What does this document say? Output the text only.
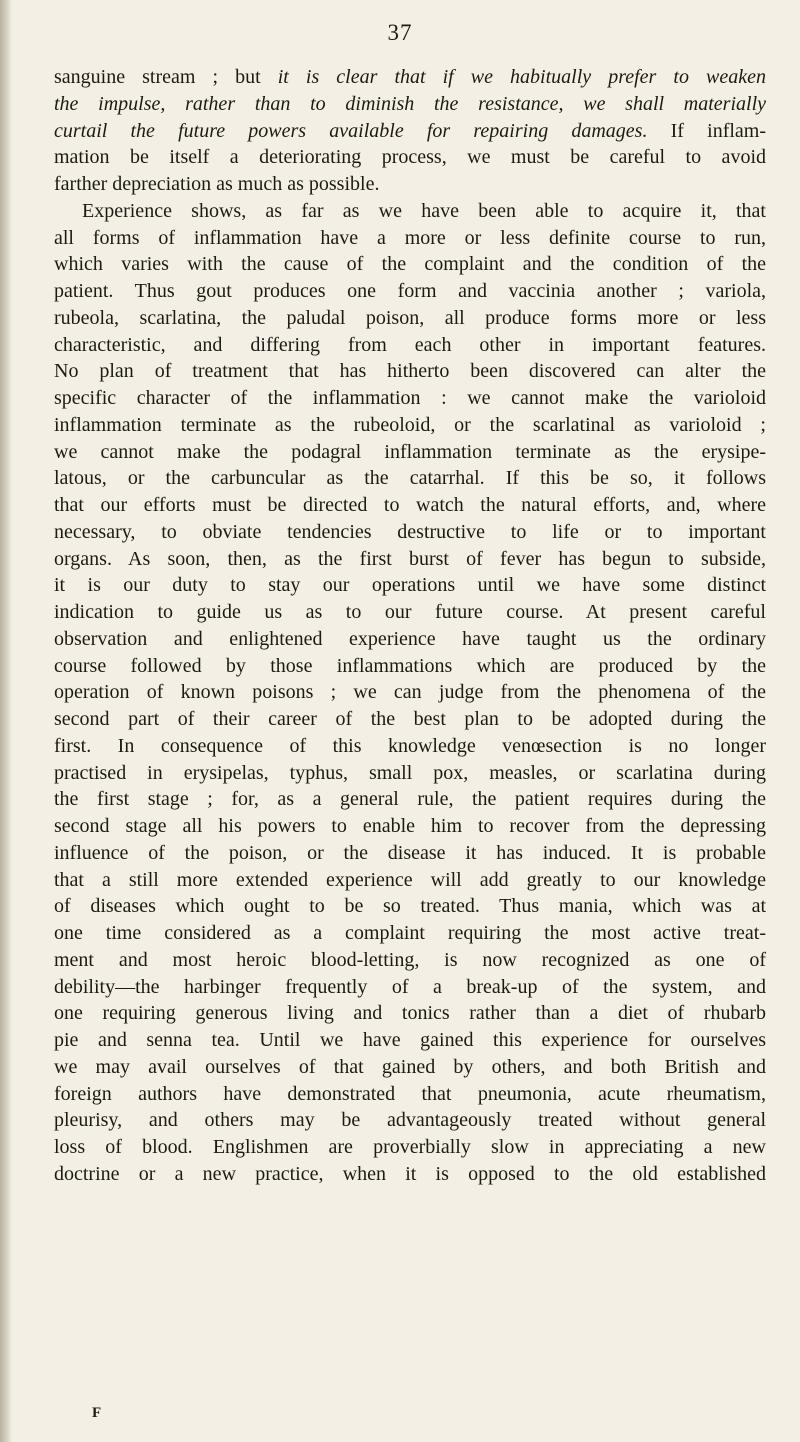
37
sanguine stream ; but it is clear that if we habitually prefer to weaken
the impulse, rather than to diminish the resistance, we shall materially
curtail the future powers available for repairing damages. If inflam-
mation be itself a deteriorating process, we must be careful to avoid
farther depreciation as much as possible.
Experience shows, as far as we have been able to acquire it, that
all forms of inflammation have a more or less definite course to run,
which varies with the cause of the complaint and the condition of the
patient. Thus gout produces one form and vaccinia another ; variola,
rubeola, scarlatina, the paludal poison, all produce forms more or less
characteristic, and differing from each other in important features.
No plan of treatment that has hitherto been discovered can alter the
specific character of the inflammation : we cannot make the varioloid
inflammation terminate as the rubeoloid, or the scarlatinal as varioloid ;
we cannot make the podagral inflammation terminate as the erysipe-
latous, or the carbuncular as the catarrhal. If this be so, it follows
that our efforts must be directed to watch the natural efforts, and, where
necessary, to obviate tendencies destructive to life or to important
organs. As soon, then, as the first burst of fever has begun to subside,
it is our duty to stay our operations until we have some distinct
indication to guide us as to our future course. At present careful
observation and enlightened experience have taught us the ordinary
course followed by those inflammations which are produced by the
operation of known poisons ; we can judge from the phenomena of the
second part of their career of the best plan to be adopted during the
first. In consequence of this knowledge venœsection is no longer
practised in erysipelas, typhus, small pox, measles, or scarlatina during
the first stage ; for, as a general rule, the patient requires during the
second stage all his powers to enable him to recover from the depressing
influence of the poison, or the disease it has induced. It is probable
that a still more extended experience will add greatly to our knowledge
of diseases which ought to be so treated. Thus mania, which was at
one time considered as a complaint requiring the most active treat-
ment and most heroic blood-letting, is now recognized as one of
debility—the harbinger frequently of a break-up of the system, and
one requiring generous living and tonics rather than a diet of rhubarb
pie and senna tea. Until we have gained this experience for ourselves
we may avail ourselves of that gained by others, and both British and
foreign authors have demonstrated that pneumonia, acute rheumatism,
pleurisy, and others may be advantageously treated without general
loss of blood. Englishmen are proverbially slow in appreciating a new
doctrine or a new practice, when it is opposed to the old established
F
